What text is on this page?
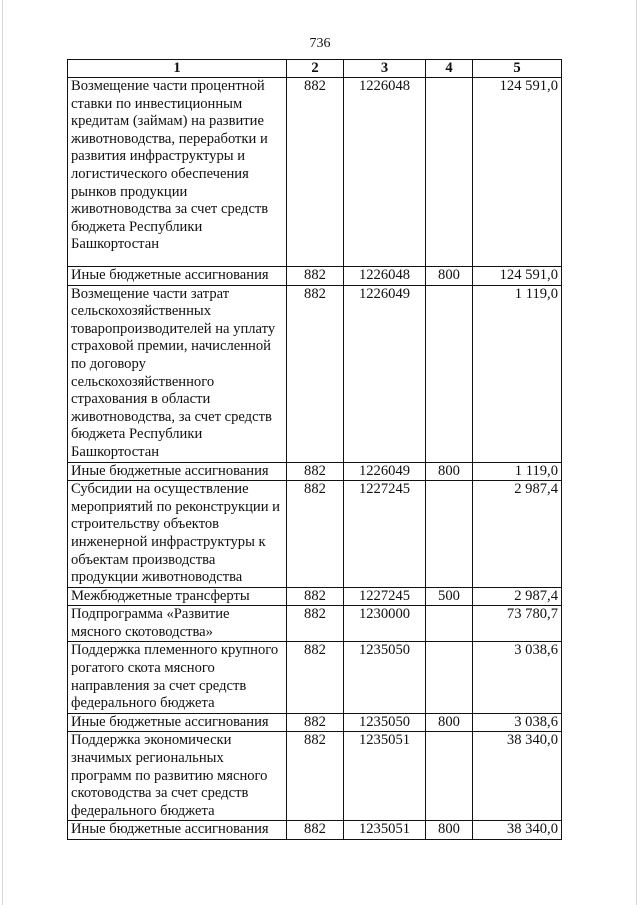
736
1	2	3	4	5
Возмещение части процентной ставки по инвестиционным кредитам (займам) на развитие животноводства, переработки и развития инфраструктуры и логистического обеспечения рынков продукции животноводства за счет средств бюджета Республики Башкортостан	882	1226048		124 591,0
Иные бюджетные ассигнования	882	1226048	800	124 591,0
Возмещение части затрат сельскохозяйственных товаропроизводителей на уплату страховой премии, начисленной по договору сельскохозяйственного страхования в области животноводства, за счет средств бюджета Республики Башкортостан	882	1226049		1 119,0
Иные бюджетные ассигнования	882	1226049	800	1 119,0
Субсидии на осуществление мероприятий по реконструкции и строительству объектов инженерной инфраструктуры к объектам производства продукции животноводства	882	1227245		2 987,4
Межбюджетные трансферты	882	1227245	500	2 987,4
Подпрограмма «Развитие мясного скотоводства»	882	1230000		73 780,7
Поддержка племенного крупного рогатого скота мясного направления за счет средств федерального бюджета	882	1235050		3 038,6
Иные бюджетные ассигнования	882	1235050	800	3 038,6
Поддержка экономически значимых региональных программ по развитию мясного скотоводства за счет средств федерального бюджета	882	1235051		38 340,0
Иные бюджетные ассигнования	882	1235051	800	38 340,0
